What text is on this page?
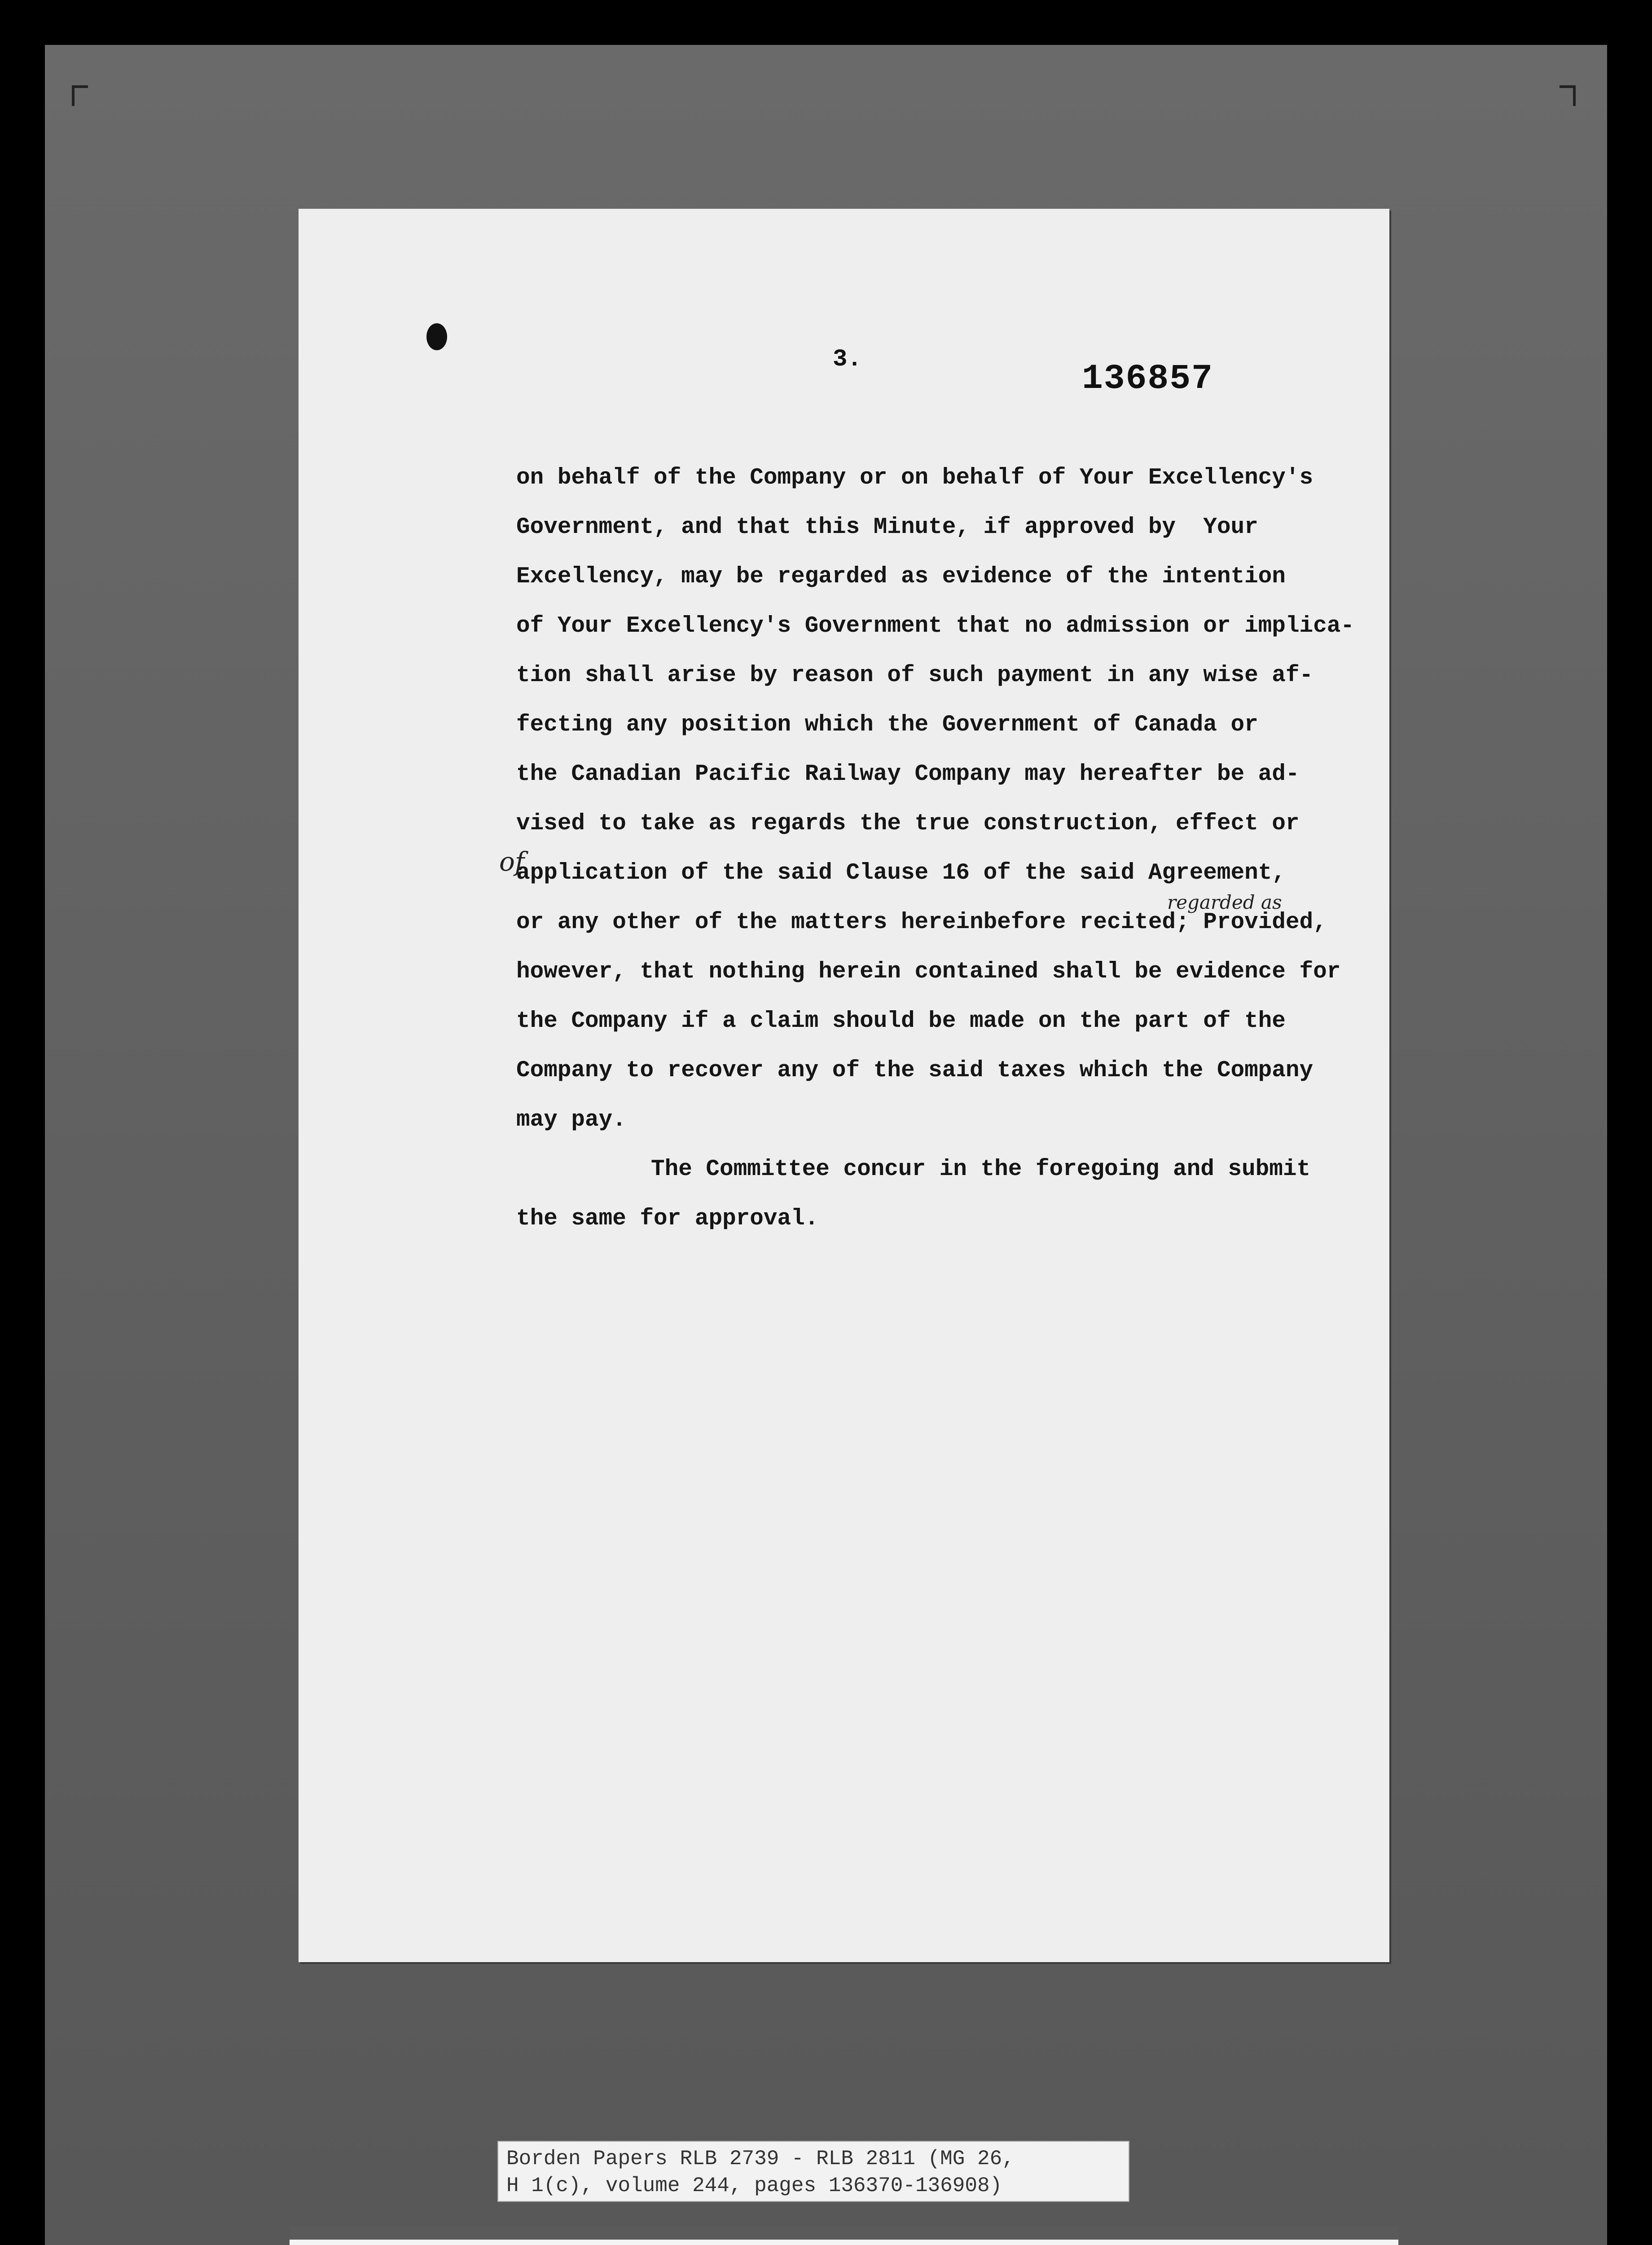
3.	136857
on behalf of the Company or on behalf of Your Excellency's
Government, and that this Minute, if approved by  Your
Excellency, may be regarded as evidence of the intention
of Your Excellency's Government that no admission or implica-
tion shall arise by reason of such payment in any wise af-
fecting any position which the Government of Canada or
the Canadian Pacific Railway Company may hereafter be ad-
vised to take as regards the true construction, effect or
application of the said Clause 16 of the said Agreement,
or any other of the matters hereinbefore recited; Provided,
however, that nothing herein contained shall be evidence for
the Company if a claim should be made on the part of the
Company to recover any of the said taxes which the Company
may pay.
The Committee concur in the foregoing and submit
the same for approval.
of
regarded as
Borden Papers RLB 2739 - RLB 2811 (MG 26,
H 1(c), volume 244, pages 136370-136908)
